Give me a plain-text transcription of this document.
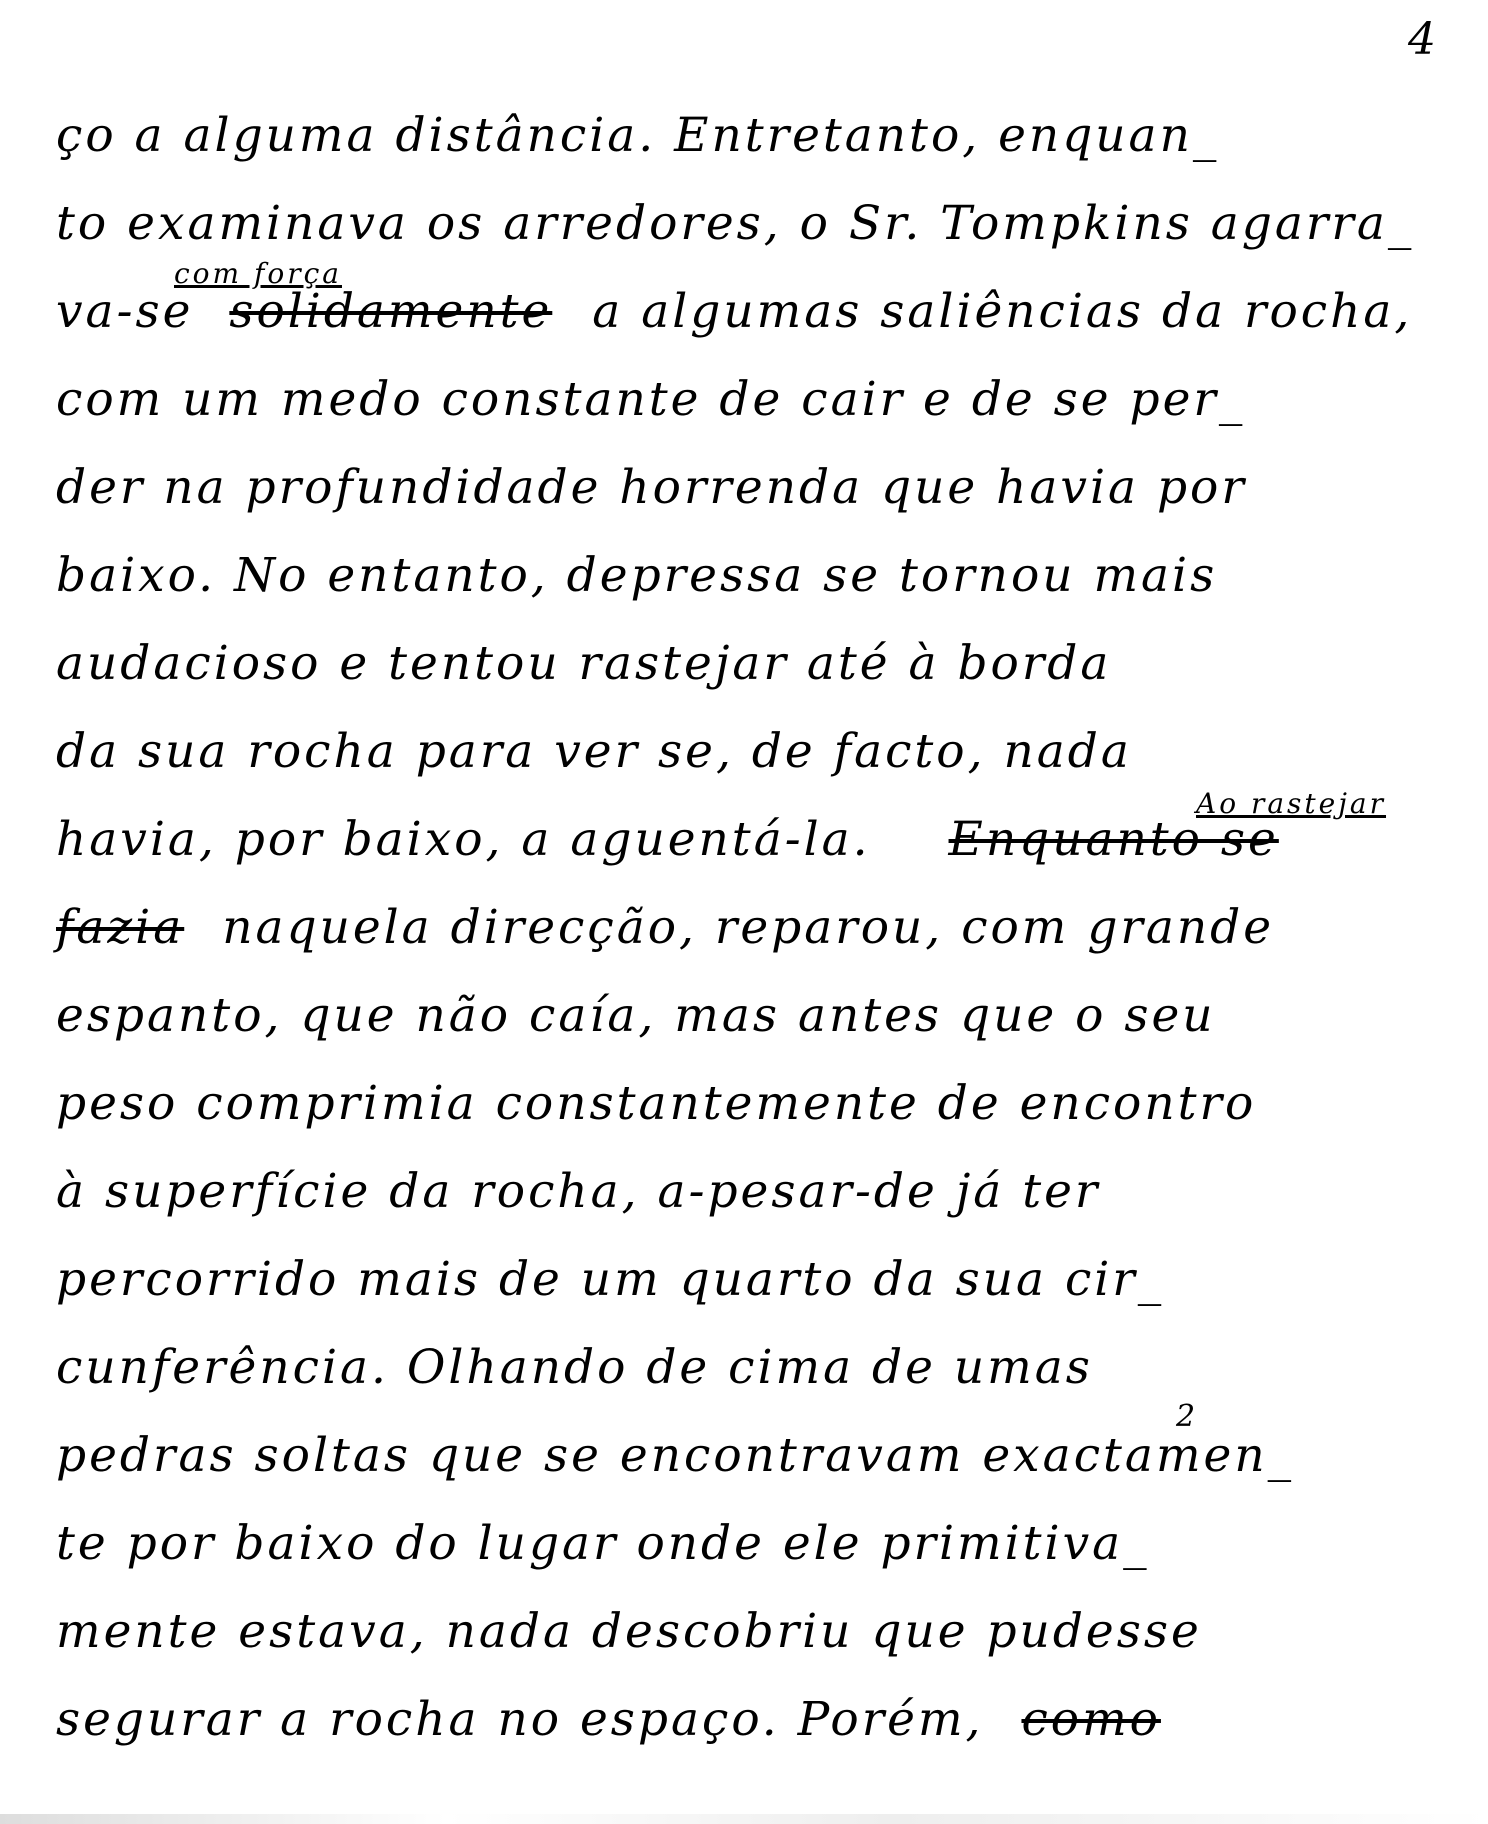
4
ço a alguma distância. Entretanto, enquan_
to examinava os arredores, o Sr. Tompkins agarra_
com força
va-se solidamente a algumas saliências da rocha,
com um medo constante de cair e de se per_
der na profundidade horrenda que havia por
baixo. No entanto, depressa se tornou mais
audacioso e tentou rastejar até à borda
da sua rocha para ver se, de facto, nada
Ao rastejar
havia, por baixo, a aguentá-la. Enquanto se
fazia naquela direcção, reparou, com grande
espanto, que não caía, mas antes que o seu
peso comprimia constantemente de encontro
à superfície da rocha, a-pesar-de já ter
percorrido mais de um quarto da sua cir_
cunferência. Olhando de cima de umas
2
pedras soltas que se encontravam exactamen_
te por baixo do lugar onde ele primitiva_
mente estava, nada descobriu que pudesse
segurar a rocha no espaço. Porém, como
